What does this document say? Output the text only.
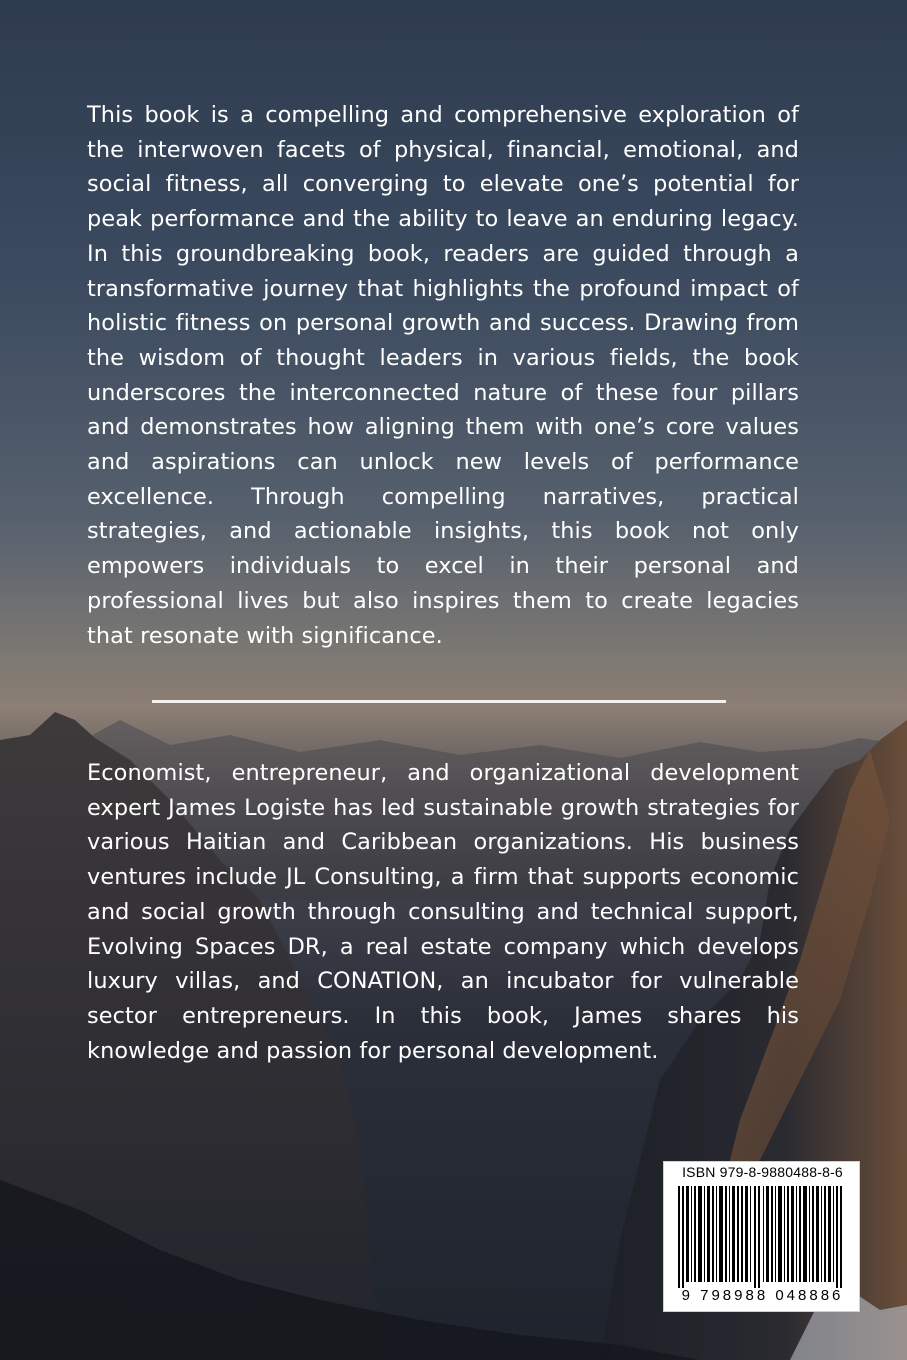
This book is a compelling and comprehensive exploration of the interwoven facets of physical, financial, emotional, and social fitness, all converging to elevate one’s potential for peak performance and the ability to leave an enduring legacy. In this groundbreaking book, readers are guided through a transformative journey that highlights the profound impact of holistic fitness on personal growth and success. Drawing from the wisdom of thought leaders in various fields, the book underscores the interconnected nature of these four pillars and demonstrates how aligning them with one’s core values and aspirations can unlock new levels of performance excellence. Through compelling narratives, practical strategies, and actionable insights, this book not only empowers individuals to excel in their personal and professional lives but also inspires them to create legacies that resonate with significance.

Economist, entrepreneur, and organizational development expert James Logiste has led sustainable growth strategies for various Haitian and Caribbean organizations. His business ventures include JL Consulting, a firm that supports economic and social growth through consulting and technical support, Evolving Spaces DR, a real estate company which develops luxury villas, and CONATION, an incubator for vulnerable sector entrepreneurs. In this book, James shares his knowledge and passion for personal development.

ISBN 979-8-9880488-8-6
9 798988 048886
